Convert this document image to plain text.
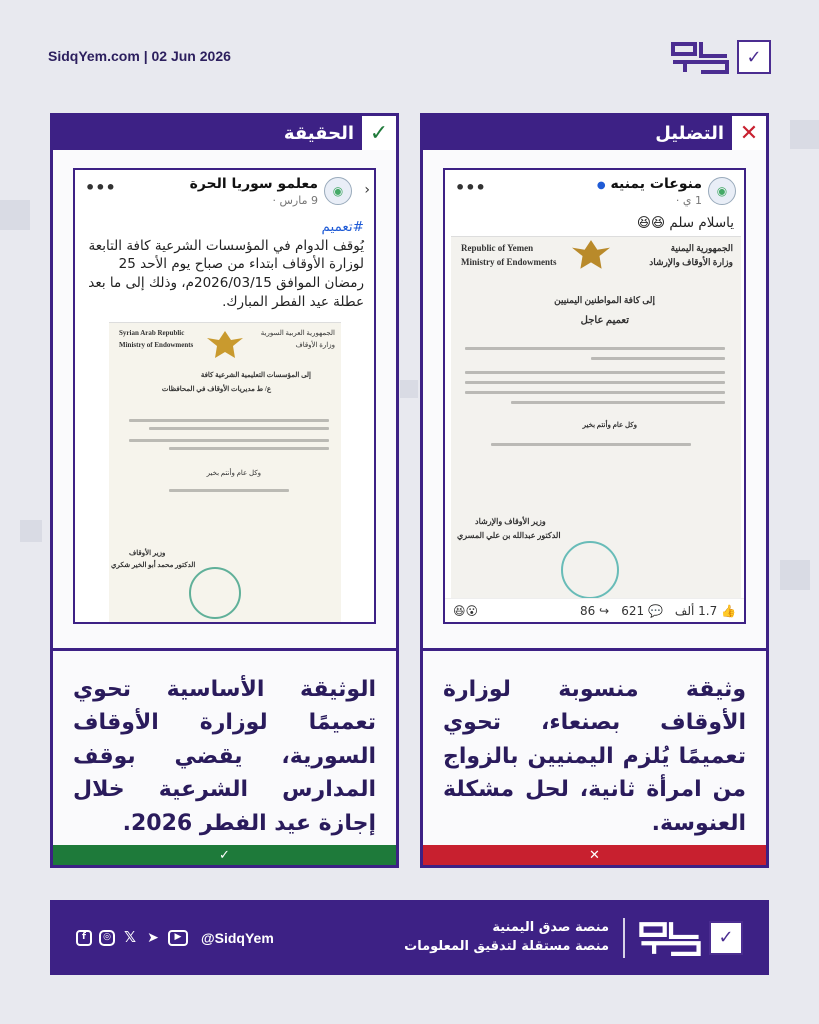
SidqYem.com | 02 Jun 2026	✓
الحقيقة ✓
‹
◉
معلمو سوريا الحرة
9 مارس ·
•••
#تعميم
يُوقف الدوام في المؤسسات الشرعية كافة التابعة لوزارة الأوقاف ابتداء من صباح يوم الأحد 25 رمضان الموافق 2026/03/15م، وذلك إلى ما بعد عطلة عيد الفطر المبارك.
الجمهورية العربية السورية
وزارة الأوقاف
Syrian Arab Republic
Ministry of Endowments
إلى المؤسسات التعليمية الشرعية كافة
ع/ ط مديريات الأوقاف في المحافظات
وكل عام وأنتم بخير
وزير الأوقاف
الدكتور محمد أبو الخير شكري
الوثيقة الأساسية تحوي تعميمًا لوزارة الأوقاف السورية، يقضي بوقف المدارس الشرعية خلال إجازة عيد الفطر 2026.
✓
التضليل ✕
◉
منوعات يمنيه ●
1 ي ·
•••
ياسلام سلم 😆😆
الجمهورية اليمنية
وزارة الأوقاف والإرشاد
Republic of Yemen
Ministry of Endowments
إلى كافة المواطنين اليمنيين
تعميم عاجل
وكل عام وأنتم بخير
وزير الأوقاف والإرشاد
الدكتور عبدالله بن علي المسري
😆😮	👍 1.7 ألف
💬 621
↪ 86
وثيقة منسوبة لوزارة الأوقاف بصنعاء، تحوي تعميمًا يُلزم اليمنيين بالزواج من امرأة ثانية، لحل مشكلة العنوسة.
✕
f	◎ 𝕏 ➤	▶	@SidqYem
منصة صدق اليمنية
منصة مستقلة لتدقيق المعلومات	✓
